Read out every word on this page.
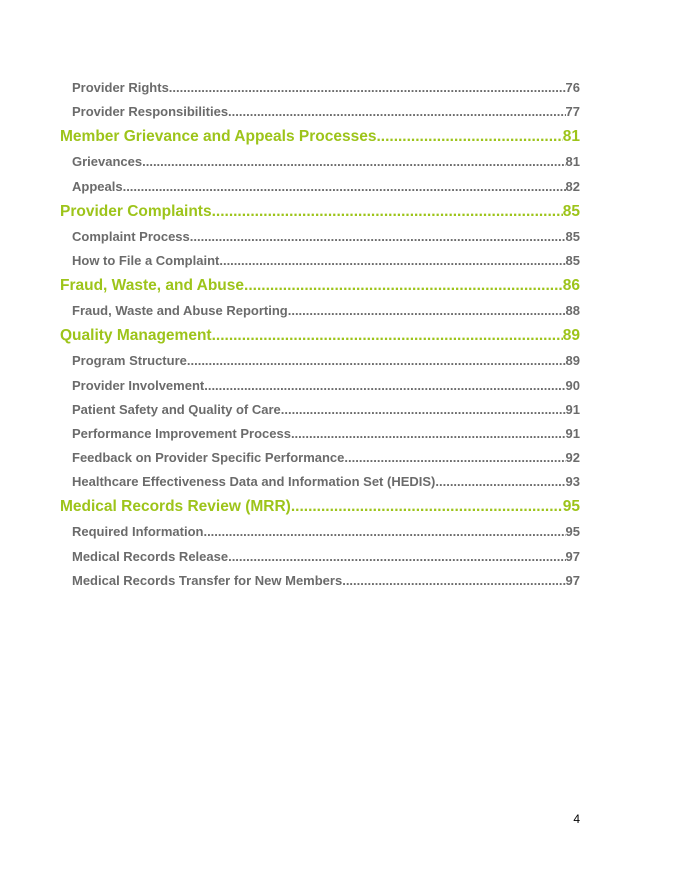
Provider Rights .....	76
Provider Responsibilities .....	77
Member Grievance and Appeals Processes .....	81
Grievances .....	81
Appeals .....	82
Provider Complaints .....	85
Complaint Process .....	85
How to File a Complaint .....	85
Fraud, Waste, and Abuse .....	86
Fraud, Waste and Abuse Reporting .....	88
Quality Management .....	89
Program Structure .....	89
Provider Involvement .....	90
Patient Safety and Quality of Care .....	91
Performance Improvement Process .....	91
Feedback on Provider Specific Performance .....	92
Healthcare Effectiveness Data and Information Set (HEDIS) .....	93
Medical Records Review (MRR) .....	95
Required Information .....	95
Medical Records Release .....	97
Medical Records Transfer for New Members .....	97
4
